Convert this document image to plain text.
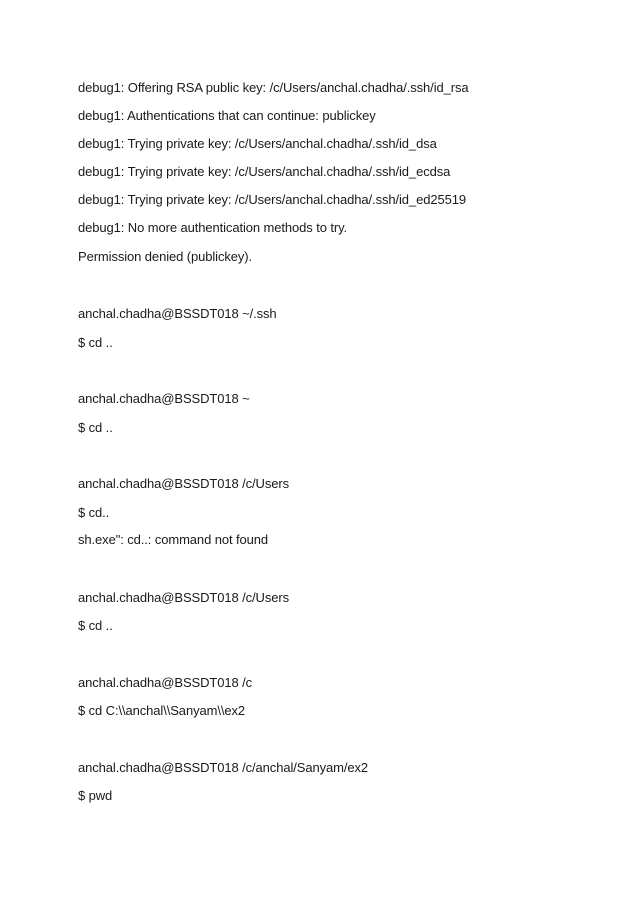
debug1: Offering RSA public key: /c/Users/anchal.chadha/.ssh/id_rsa
debug1: Authentications that can continue: publickey
debug1: Trying private key: /c/Users/anchal.chadha/.ssh/id_dsa
debug1: Trying private key: /c/Users/anchal.chadha/.ssh/id_ecdsa
debug1: Trying private key: /c/Users/anchal.chadha/.ssh/id_ed25519
debug1: No more authentication methods to try.
Permission denied (publickey).
anchal.chadha@BSSDT018 ~/.ssh
$ cd ..
anchal.chadha@BSSDT018 ~
$ cd ..
anchal.chadha@BSSDT018 /c/Users
$ cd..
sh.exe": cd..: command not found
anchal.chadha@BSSDT018 /c/Users
$ cd ..
anchal.chadha@BSSDT018 /c
$ cd C:\\anchal\\Sanyam\\ex2
anchal.chadha@BSSDT018 /c/anchal/Sanyam/ex2
$ pwd
